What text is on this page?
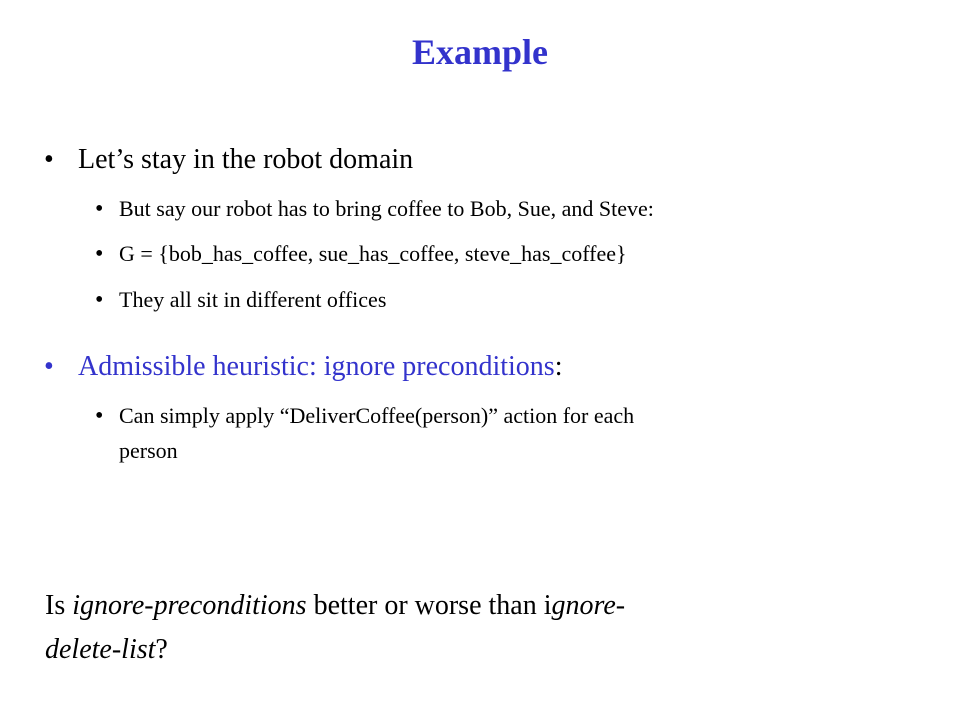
Example
• Let’s stay in the robot domain
• But say our robot has to bring coffee to Bob, Sue, and Steve:
• G = {bob_has_coffee, sue_has_coffee, steve_has_coffee}
• They all sit in different offices
• Admissible heuristic: ignore preconditions:
• Can simply apply “DeliverCoffee(person)” action for each
person
Is ignore-preconditions better or worse than ignore-
delete-list?
